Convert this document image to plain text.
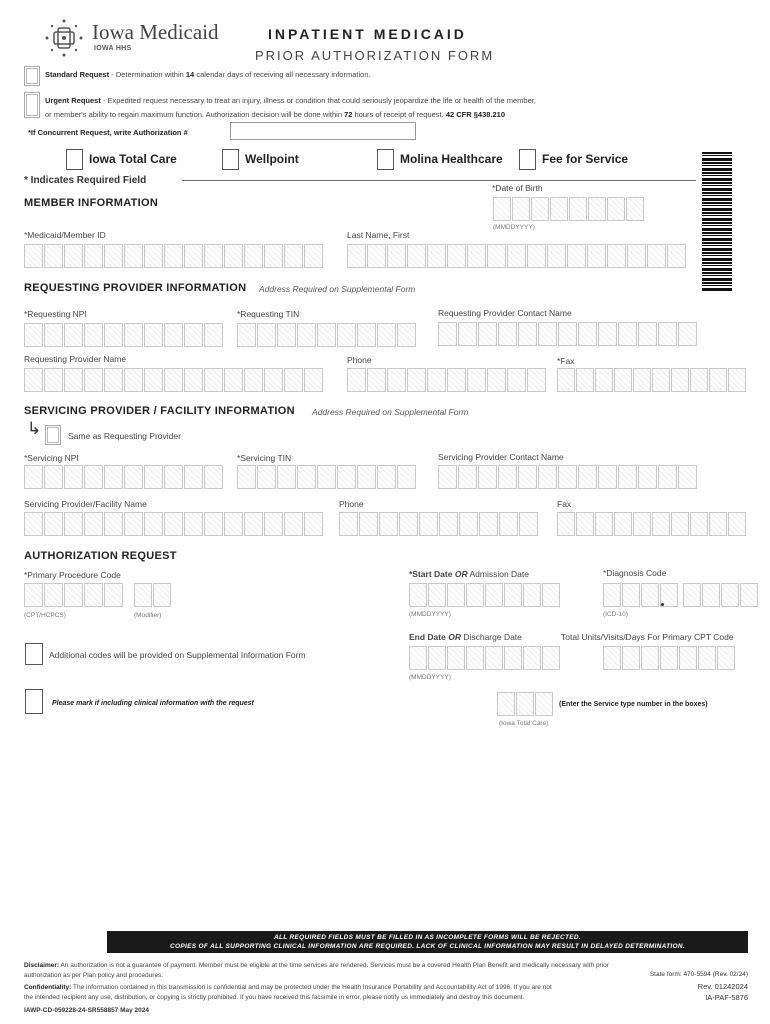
Iowa Medicaid
IOWA HHS
INPATIENT MEDICAID
PRIOR AUTHORIZATION FORM
Standard Request - Determination within 14 calendar days of receiving all necessary information.
Urgent Request - Expedited request necessary to treat an injury, illness or condition that could seriously jeopardize the life or health of the member,
or member's ability to regain maximum function. Authorization decision will be done within 72 hours of receipt of request. 42 CFR §438.210
*If Concurrent Request, write Authorization #
Iowa Total Care	Wellpoint	Molina Healthcare	Fee for Service
* Indicates Required Field
*Date of Birth
MEMBER INFORMATION
(MMDDYYYY)
*Medicaid/Member ID	Last Name, First
REQUESTING PROVIDER INFORMATION Address Required on Supplemental Form
*Requesting NPI	*Requesting TIN	Requesting Provider Contact Name
Requesting Provider Name	Phone	*Fax
SERVICING PROVIDER / FACILITY INFORMATION Address Required on Supplemental Form
↳	Same as Requesting Provider
*Servicing NPI	*Servicing TIN	Servicing Provider Contact Name
Servicing Provider/Facility Name	Phone	Fax
AUTHORIZATION REQUEST
*Primary Procedure Code
(CPT/HCPCS)	(Modifier)
*Start Date OR Admission Date
(MMDDYYYY)
*Diagnosis Code
(ICD-10)
End Date OR Discharge Date	Total Units/Visits/Days For Primary CPT Code
(MMDDYYYY)
Additional codes will be provided on Supplemental Information Form
Please mark if including clinical information with the request	(Enter the Service type number in the boxes)
(Iowa Total Care)
ALL REQUIRED FIELDS MUST BE FILLED IN AS INCOMPLETE FORMS WILL BE REJECTED.
COPIES OF ALL SUPPORTING CLINICAL INFORMATION ARE REQUIRED. LACK OF CLINICAL INFORMATION MAY RESULT IN DELAYED DETERMINATION.
Disclaimer: An authorization is not a guarantee of payment. Member must be eligible at the time services are rendered. Services must be a covered Health Plan Benefit and medically necessary with prior
authorization as per Plan policy and procedures.	State form: 470-5594 (Rev. 02/24)
Confidentiality: The information contained in this transmission is confidential and may be protected under the Health Insurance Portability and Accountability Act of 1996. If you are not
the intended recipient any use, distribution, or copying is strictly prohibited. If you have received this facsimile in error, please notify us immediately and destroy this document.
Rev. 01242024
IA-PAF-5876
IAWP-CD-059228-24-SR558857 May 2024
